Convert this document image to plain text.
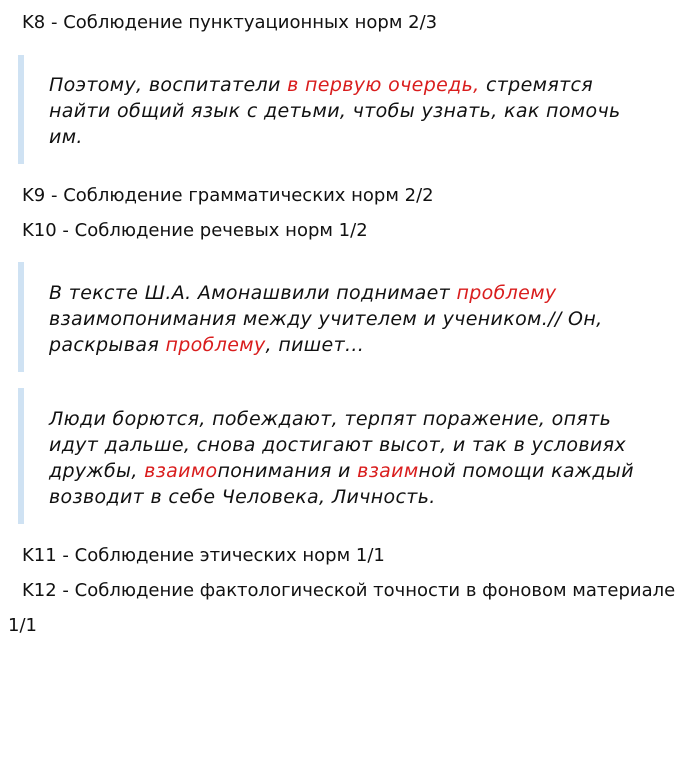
K8 - Соблюдение пунктуационных норм 2/3

Поэтому, воспитатели в первую очередь, стремятся найти общий язык с детьми, чтобы узнать, как помочь им.

K9 - Соблюдение грамматических норм 2/2
K10 - Соблюдение речевых норм 1/2

В тексте Ш.А. Амонашвили поднимает проблему взаимопонимания между учителем и учеником.// Он, раскрывая проблему, пишет...

Люди борются, побеждают, терпят поражение, опять идут дальше, снова достигают высот, и так в условиях дружбы, взаимопонимания и взаимной помощи каждый возводит в себе Человека, Личность.

K11 - Соблюдение этических норм 1/1
K12 - Соблюдение фактологической точности в фоновом материале
1/1
